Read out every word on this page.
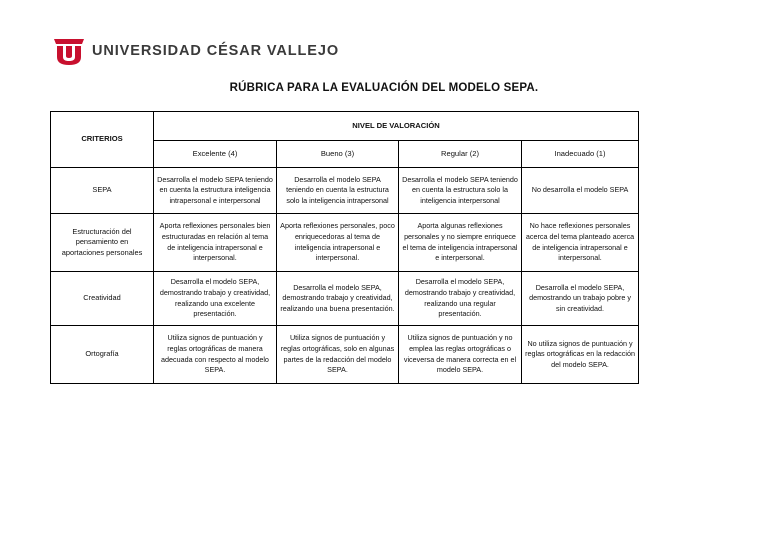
UNIVERSIDAD CÉSAR VALLEJO
RÚBRICA PARA LA EVALUACIÓN DEL MODELO SEPA.
CRITERIOS	NIVEL DE VALORACIÓN			
	Excelente (4)	Bueno (3)	Regular (2)	Inadecuado (1)
SEPA	Desarrolla el modelo SEPA teniendo en cuenta la estructura inteligencia intrapersonal e interpersonal	Desarrolla el modelo SEPA teniendo en cuenta la estructura solo la inteligencia intrapersonal	Desarrolla el modelo SEPA teniendo en cuenta la estructura solo la inteligencia interpersonal	No desarrolla el modelo SEPA
Estructuración del pensamiento en aportaciones personales	Aporta reflexiones personales bien estructuradas en relación al tema de inteligencia intrapersonal e interpersonal.	Aporta reflexiones personales, poco enriquecedoras al tema de inteligencia intrapersonal e interpersonal.	Aporta algunas reflexiones personales y no siempre enriquece el tema de inteligencia intrapersonal e interpersonal.	No hace reflexiones personales acerca del tema planteado acerca de inteligencia intrapersonal e interpersonal.
Creatividad	Desarrolla el modelo SEPA, demostrando trabajo y creatividad, realizando una excelente presentación.	Desarrolla el modelo SEPA, demostrando trabajo y creatividad, realizando una buena presentación.	Desarrolla el modelo SEPA, demostrando trabajo y creatividad, realizando una regular presentación.	Desarrolla el modelo SEPA, demostrando un trabajo pobre y sin creatividad.
Ortografía	Utiliza signos de puntuación y reglas ortográficas de manera adecuada con respecto al modelo SEPA.	Utiliza signos de puntuación y reglas ortográficas, solo en algunas partes de la redacción del modelo SEPA.	Utiliza signos de puntuación y no emplea las reglas ortográficas o viceversa de manera correcta en el modelo SEPA.	No utiliza signos de puntuación y reglas ortográficas en la redacción del modelo SEPA.
